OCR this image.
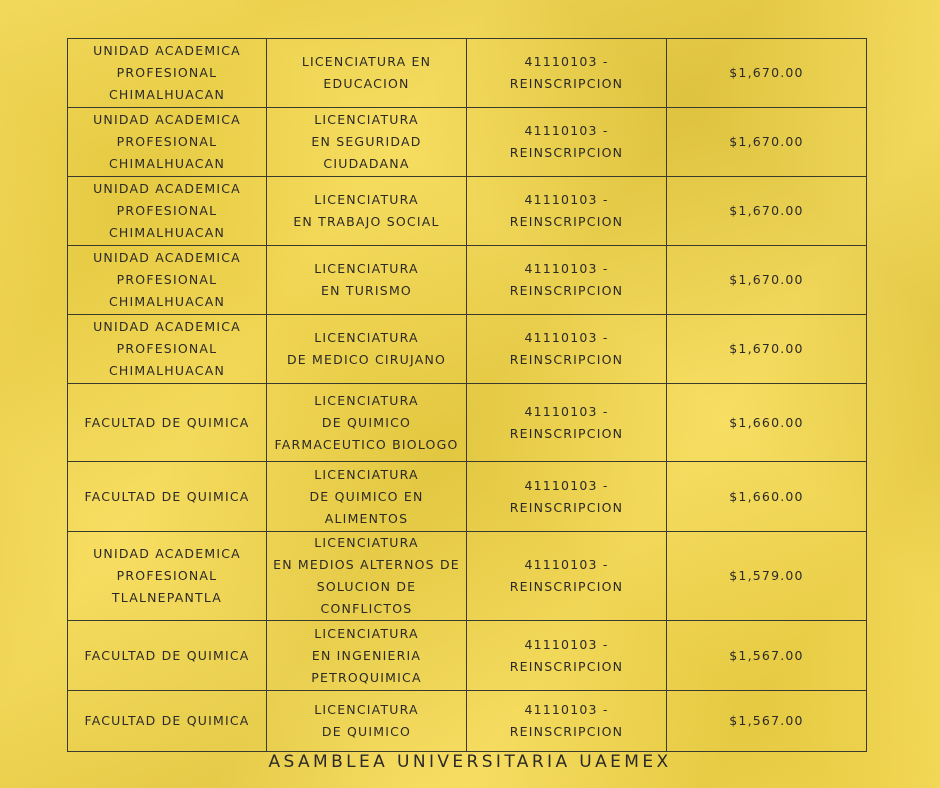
UNIDAD ACADEMICA
PROFESIONAL
CHIMALHUACAN	LICENCIATURA EN
EDUCACION	41110103 - REINSCRIPCION	$1,670.00
UNIDAD ACADEMICA
PROFESIONAL
CHIMALHUACAN	LICENCIATURA
EN SEGURIDAD CIUDADANA	41110103 - REINSCRIPCION	$1,670.00
UNIDAD ACADEMICA
PROFESIONAL
CHIMALHUACAN	LICENCIATURA
EN TRABAJO SOCIAL	41110103 - REINSCRIPCION	$1,670.00
UNIDAD ACADEMICA
PROFESIONAL
CHIMALHUACAN	LICENCIATURA
EN TURISMO	41110103 - REINSCRIPCION	$1,670.00
UNIDAD ACADEMICA
PROFESIONAL
CHIMALHUACAN	LICENCIATURA
DE MEDICO CIRUJANO	41110103 - REINSCRIPCION	$1,670.00
FACULTAD DE QUIMICA	LICENCIATURA
DE QUIMICO
FARMACEUTICO BIOLOGO	41110103 - REINSCRIPCION	$1,660.00
FACULTAD DE QUIMICA	LICENCIATURA
DE QUIMICO EN
ALIMENTOS	41110103 - REINSCRIPCION	$1,660.00
UNIDAD ACADEMICA
PROFESIONAL
TLALNEPANTLA	LICENCIATURA
EN MEDIOS ALTERNOS DE
SOLUCION DE CONFLICTOS	41110103 - REINSCRIPCION	$1,579.00
FACULTAD DE QUIMICA	LICENCIATURA
EN INGENIERIA
PETROQUIMICA	41110103 - REINSCRIPCION	$1,567.00
FACULTAD DE QUIMICA	LICENCIATURA
DE QUIMICO	41110103 - REINSCRIPCION	$1,567.00
ASAMBLEA UNIVERSITARIA UAEMEX
